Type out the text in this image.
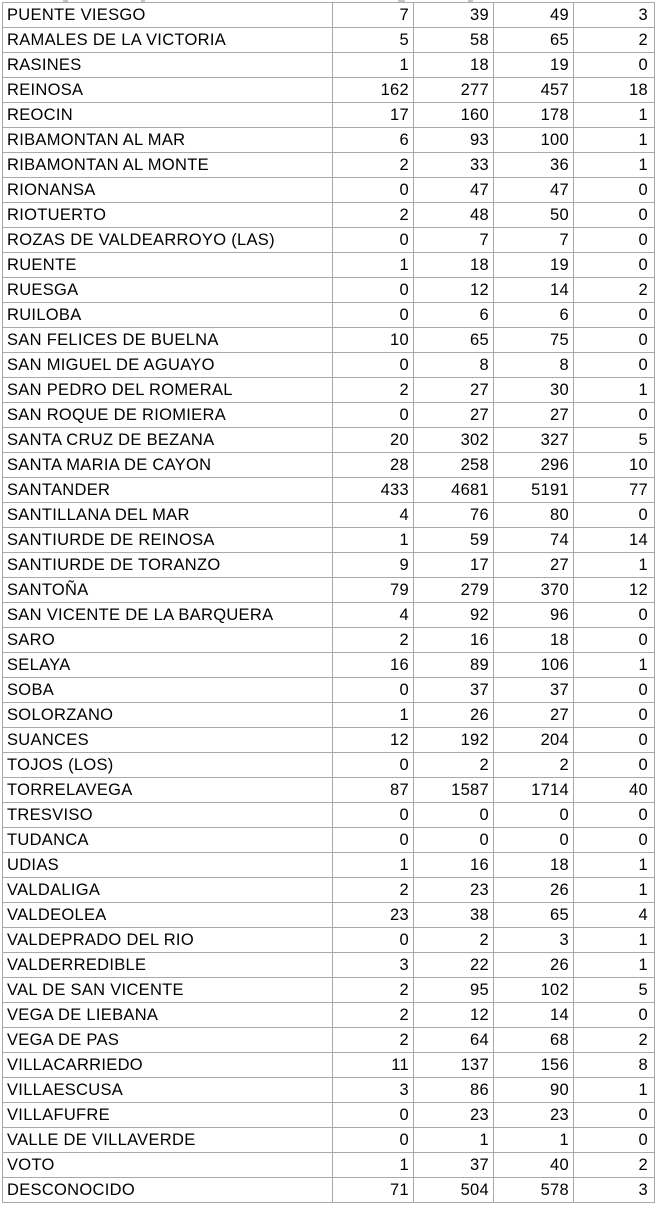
PUENTE VIESGO	7	39	49	3
RAMALES DE LA VICTORIA	5	58	65	2
RASINES	1	18	19	0
REINOSA	162	277	457	18
REOCIN	17	160	178	1
RIBAMONTAN AL MAR	6	93	100	1
RIBAMONTAN AL MONTE	2	33	36	1
RIONANSA	0	47	47	0
RIOTUERTO	2	48	50	0
ROZAS DE VALDEARROYO (LAS)	0	7	7	0
RUENTE	1	18	19	0
RUESGA	0	12	14	2
RUILOBA	0	6	6	0
SAN FELICES DE BUELNA	10	65	75	0
SAN MIGUEL DE AGUAYO	0	8	8	0
SAN PEDRO DEL ROMERAL	2	27	30	1
SAN ROQUE DE RIOMIERA	0	27	27	0
SANTA CRUZ DE BEZANA	20	302	327	5
SANTA MARIA DE CAYON	28	258	296	10
SANTANDER	433	4681	5191	77
SANTILLANA DEL MAR	4	76	80	0
SANTIURDE DE REINOSA	1	59	74	14
SANTIURDE DE TORANZO	9	17	27	1
SANTOÑA	79	279	370	12
SAN VICENTE DE LA BARQUERA	4	92	96	0
SARO	2	16	18	0
SELAYA	16	89	106	1
SOBA	0	37	37	0
SOLORZANO	1	26	27	0
SUANCES	12	192	204	0
TOJOS (LOS)	0	2	2	0
TORRELAVEGA	87	1587	1714	40
TRESVISO	0	0	0	0
TUDANCA	0	0	0	0
UDIAS	1	16	18	1
VALDALIGA	2	23	26	1
VALDEOLEA	23	38	65	4
VALDEPRADO DEL RIO	0	2	3	1
VALDERREDIBLE	3	22	26	1
VAL DE SAN VICENTE	2	95	102	5
VEGA DE LIEBANA	2	12	14	0
VEGA DE PAS	2	64	68	2
VILLACARRIEDO	11	137	156	8
VILLAESCUSA	3	86	90	1
VILLAFUFRE	0	23	23	0
VALLE DE VILLAVERDE	0	1	1	0
VOTO	1	37	40	2
DESCONOCIDO	71	504	578	3
